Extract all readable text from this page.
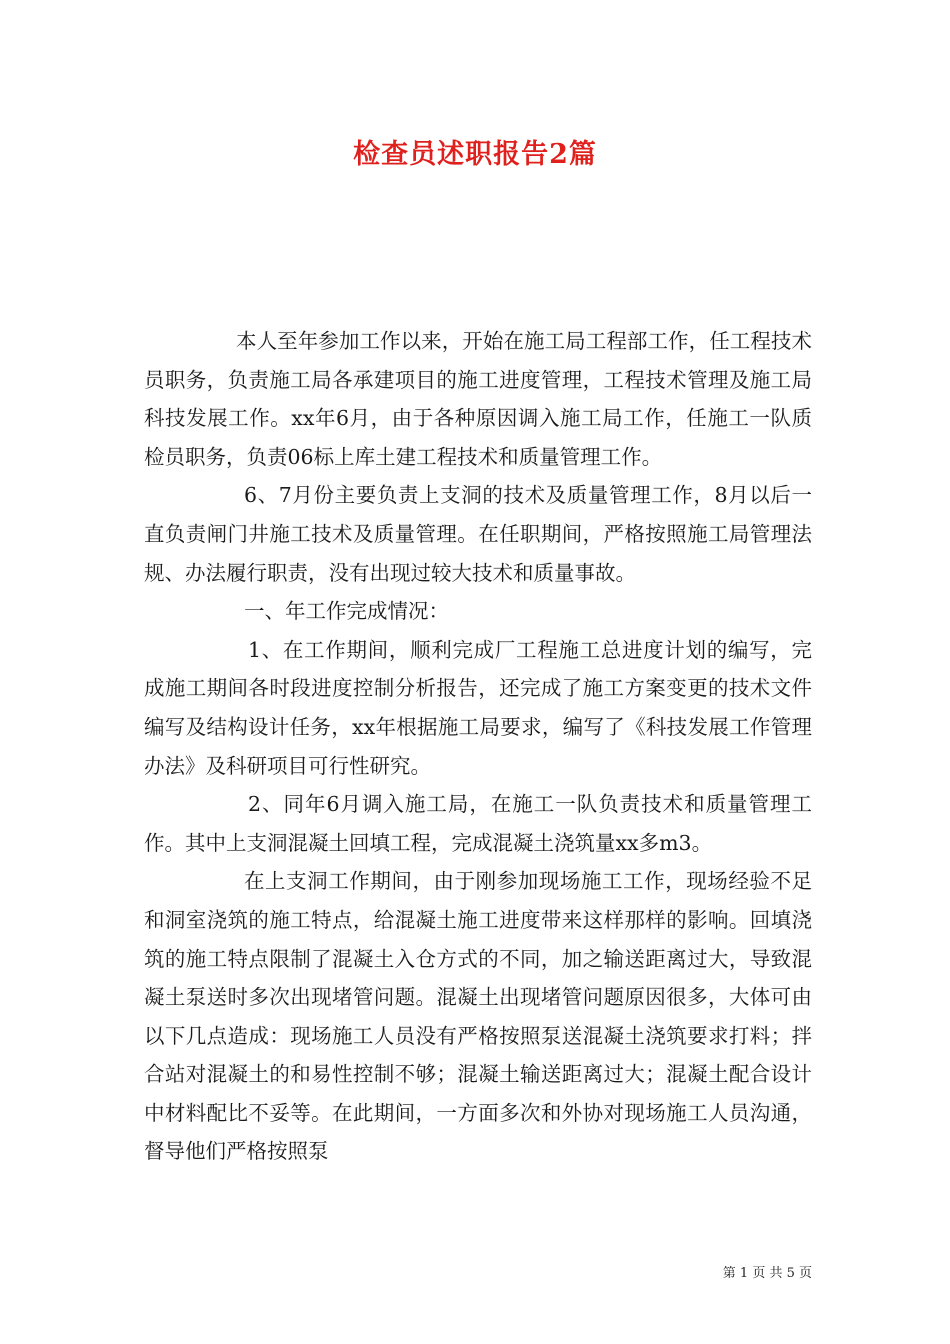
检查员述职报告2篇

本人至年参加工作以来，开始在施工局工程部工作，任工程技术员职务，负责施工局各承建项目的施工进度管理，工程技术管理及施工局科技发展工作。xx年6月，由于各种原因调入施工局工作，任施工一队质检员职务，负责06标上库土建工程技术和质量管理工作。

6、7月份主要负责上支洞的技术及质量管理工作，8月以后一直负责闸门井施工技术及质量管理。在任职期间，严格按照施工局管理法规、办法履行职责，没有出现过较大技术和质量事故。

一、年工作完成情况：

1、在工作期间，顺利完成厂工程施工总进度计划的编写，完成施工期间各时段进度控制分析报告，还完成了施工方案变更的技术文件编写及结构设计任务，xx年根据施工局要求，编写了《科技发展工作管理办法》及科研项目可行性研究。

2、同年6月调入施工局，在施工一队负责技术和质量管理工作。其中上支洞混凝土回填工程，完成混凝土浇筑量xx多m3。

在上支洞工作期间，由于刚参加现场施工工作，现场经验不足和洞室浇筑的施工特点，给混凝土施工进度带来这样那样的影响。回填浇筑的施工特点限制了混凝土入仓方式的不同，加之输送距离过大，导致混凝土泵送时多次出现堵管问题。混凝土出现堵管问题原因很多，大体可由以下几点造成：现场施工人员没有严格按照泵送混凝土浇筑要求打料；拌合站对混凝土的和易性控制不够；混凝土输送距离过大；混凝土配合设计中材料配比不妥等。在此期间，一方面多次和外协对现场施工人员沟通，督导他们严格按照泵

第 1 页 共 5 页
